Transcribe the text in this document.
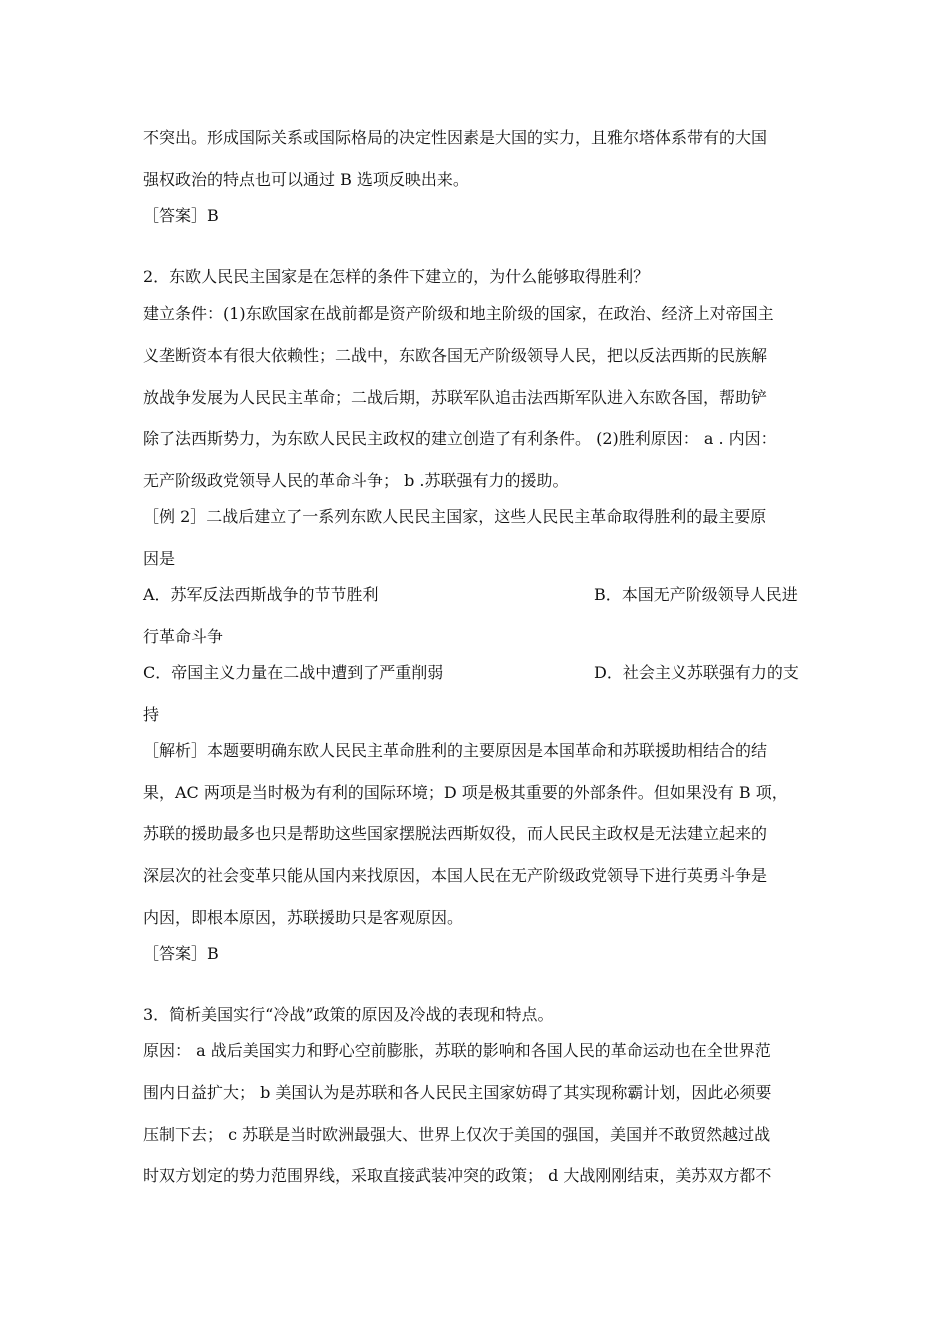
不突出。形成国际关系或国际格局的决定性因素是大国的实力，且雅尔塔体系带有的大国
强权政治的特点也可以通过 B 选项反映出来。
［答案］B
2．东欧人民民主国家是在怎样的条件下建立的，为什么能够取得胜利？
建立条件：(1)东欧国家在战前都是资产阶级和地主阶级的国家，在政治、经济上对帝国主
义垄断资本有很大依赖性；二战中，东欧各国无产阶级领导人民，把以反法西斯的民族解
放战争发展为人民民主革命；二战后期，苏联军队追击法西斯军队进入东欧各国，帮助铲
除了法西斯势力，为东欧人民民主政权的建立创造了有利条件。 (2)胜利原因： a . 内因：
无产阶级政党领导人民的革命斗争； b .苏联强有力的援助。
［例 2］二战后建立了一系列东欧人民民主国家，这些人民民主革命取得胜利的最主要原
因是
A．苏军反法西斯战争的节节胜利	B．本国无产阶级领导人民进
行革命斗争
C．帝国主义力量在二战中遭到了严重削弱	D．社会主义苏联强有力的支
持
［解析］本题要明确东欧人民民主革命胜利的主要原因是本国革命和苏联援助相结合的结
果，AC 两项是当时极为有利的国际环境；D 项是极其重要的外部条件。但如果没有 B 项，
苏联的援助最多也只是帮助这些国家摆脱法西斯奴役，而人民民主政权是无法建立起来的
深层次的社会变革只能从国内来找原因，本国人民在无产阶级政党领导下进行英勇斗争是
内因，即根本原因，苏联援助只是客观原因。
［答案］B
3．简析美国实行“冷战”政策的原因及冷战的表现和特点。
原因： a 战后美国实力和野心空前膨胀，苏联的影响和各国人民的革命运动也在全世界范
围内日益扩大； b 美国认为是苏联和各人民民主国家妨碍了其实现称霸计划，因此必须要
压制下去； c 苏联是当时欧洲最强大、世界上仅次于美国的强国，美国并不敢贸然越过战
时双方划定的势力范围界线，采取直接武装冲突的政策； d 大战刚刚结束，美苏双方都不
